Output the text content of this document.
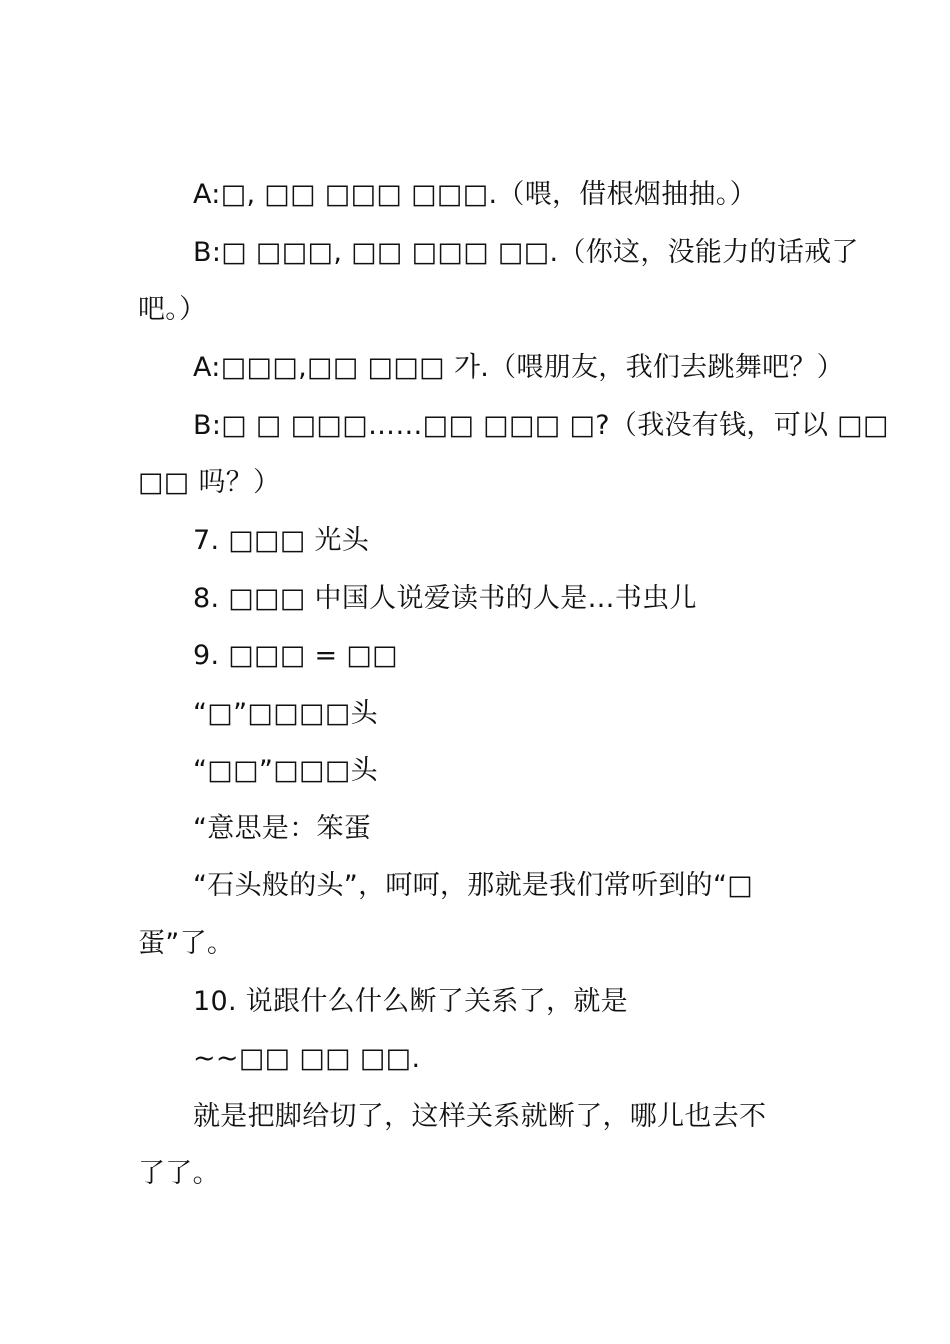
A:□, □□ □□□ □□□.（喂，借根烟抽抽。）
B:□ □□□, □□ □□□ □□.（你这，没能力的话戒了
吧。）
A:□□□,□□ □□□ 가.（喂朋友，我们去跳舞吧？）
B:□ □ □□□……□□ □□□ □?（我没有钱，可以 □□
□□ 吗？）
7. □□□ 光头
8. □□□ 中国人说爱读书的人是…书虫儿
9. □□□ = □□
“□”□□□□头
“□□”□□□头
“意思是：笨蛋
“石头般的头”，呵呵，那就是我们常听到的“□
蛋”了。
10. 说跟什么什么断了关系了，就是
~~□□ □□ □□.
就是把脚给切了，这样关系就断了，哪儿也去不
了了。
